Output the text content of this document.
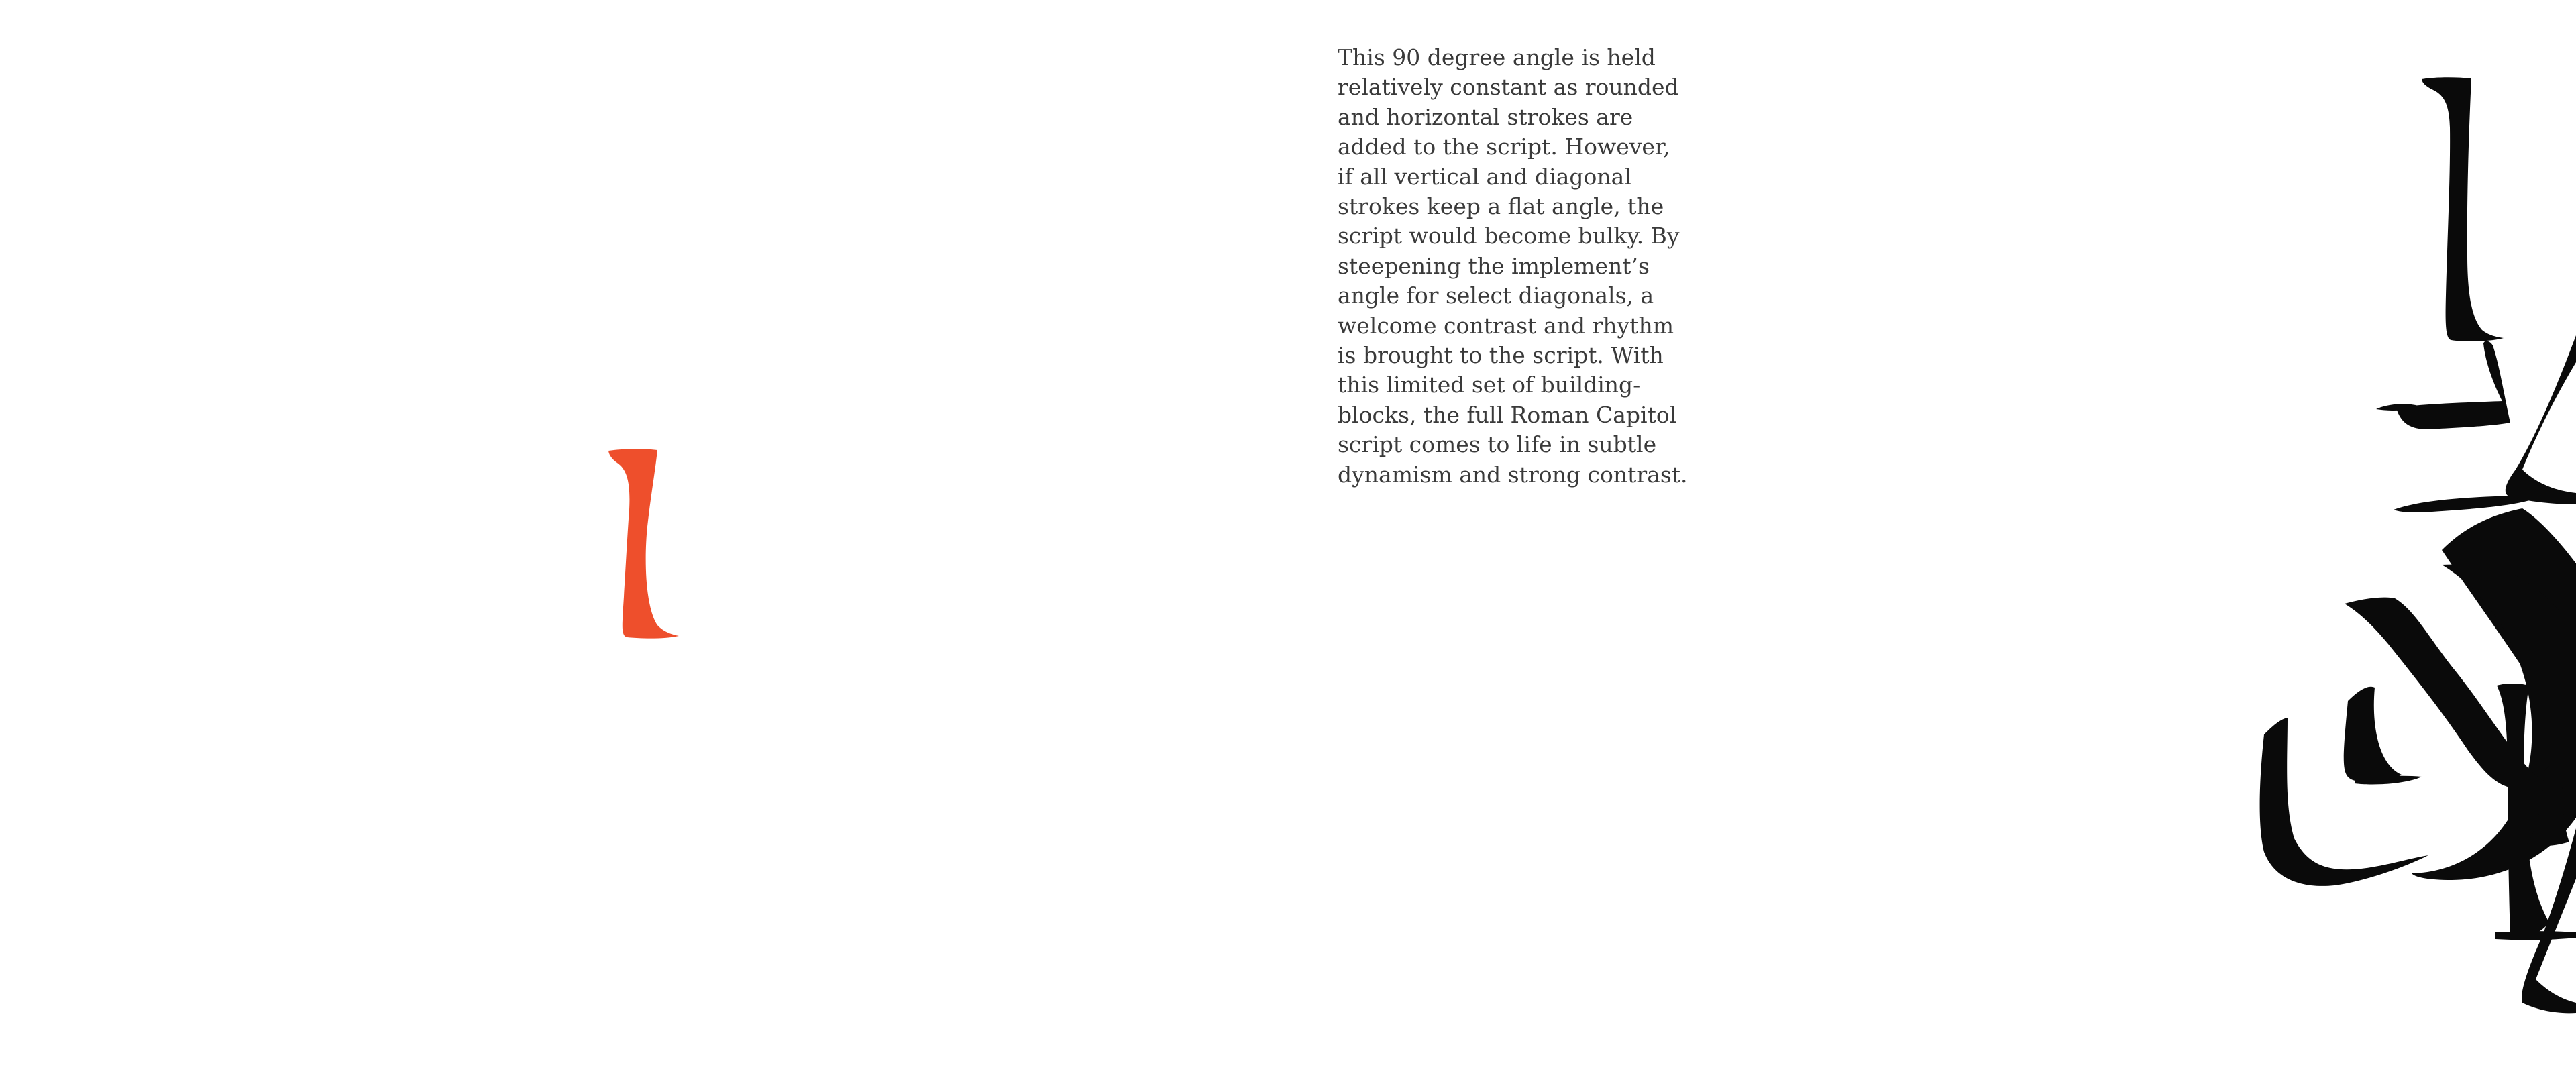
This 90 degree angle is held
relatively constant as rounded
and horizontal strokes are
added to the script. However,
if all vertical and diagonal
strokes keep a flat angle, the
script would become bulky. By
steepening the implement’s
angle for select diagonals, a
welcome contrast and rhythm
is brought to the script. With
this limited set of building-
blocks, the full Roman Capitol
script comes to life in subtle
dynamism and strong contrast.
